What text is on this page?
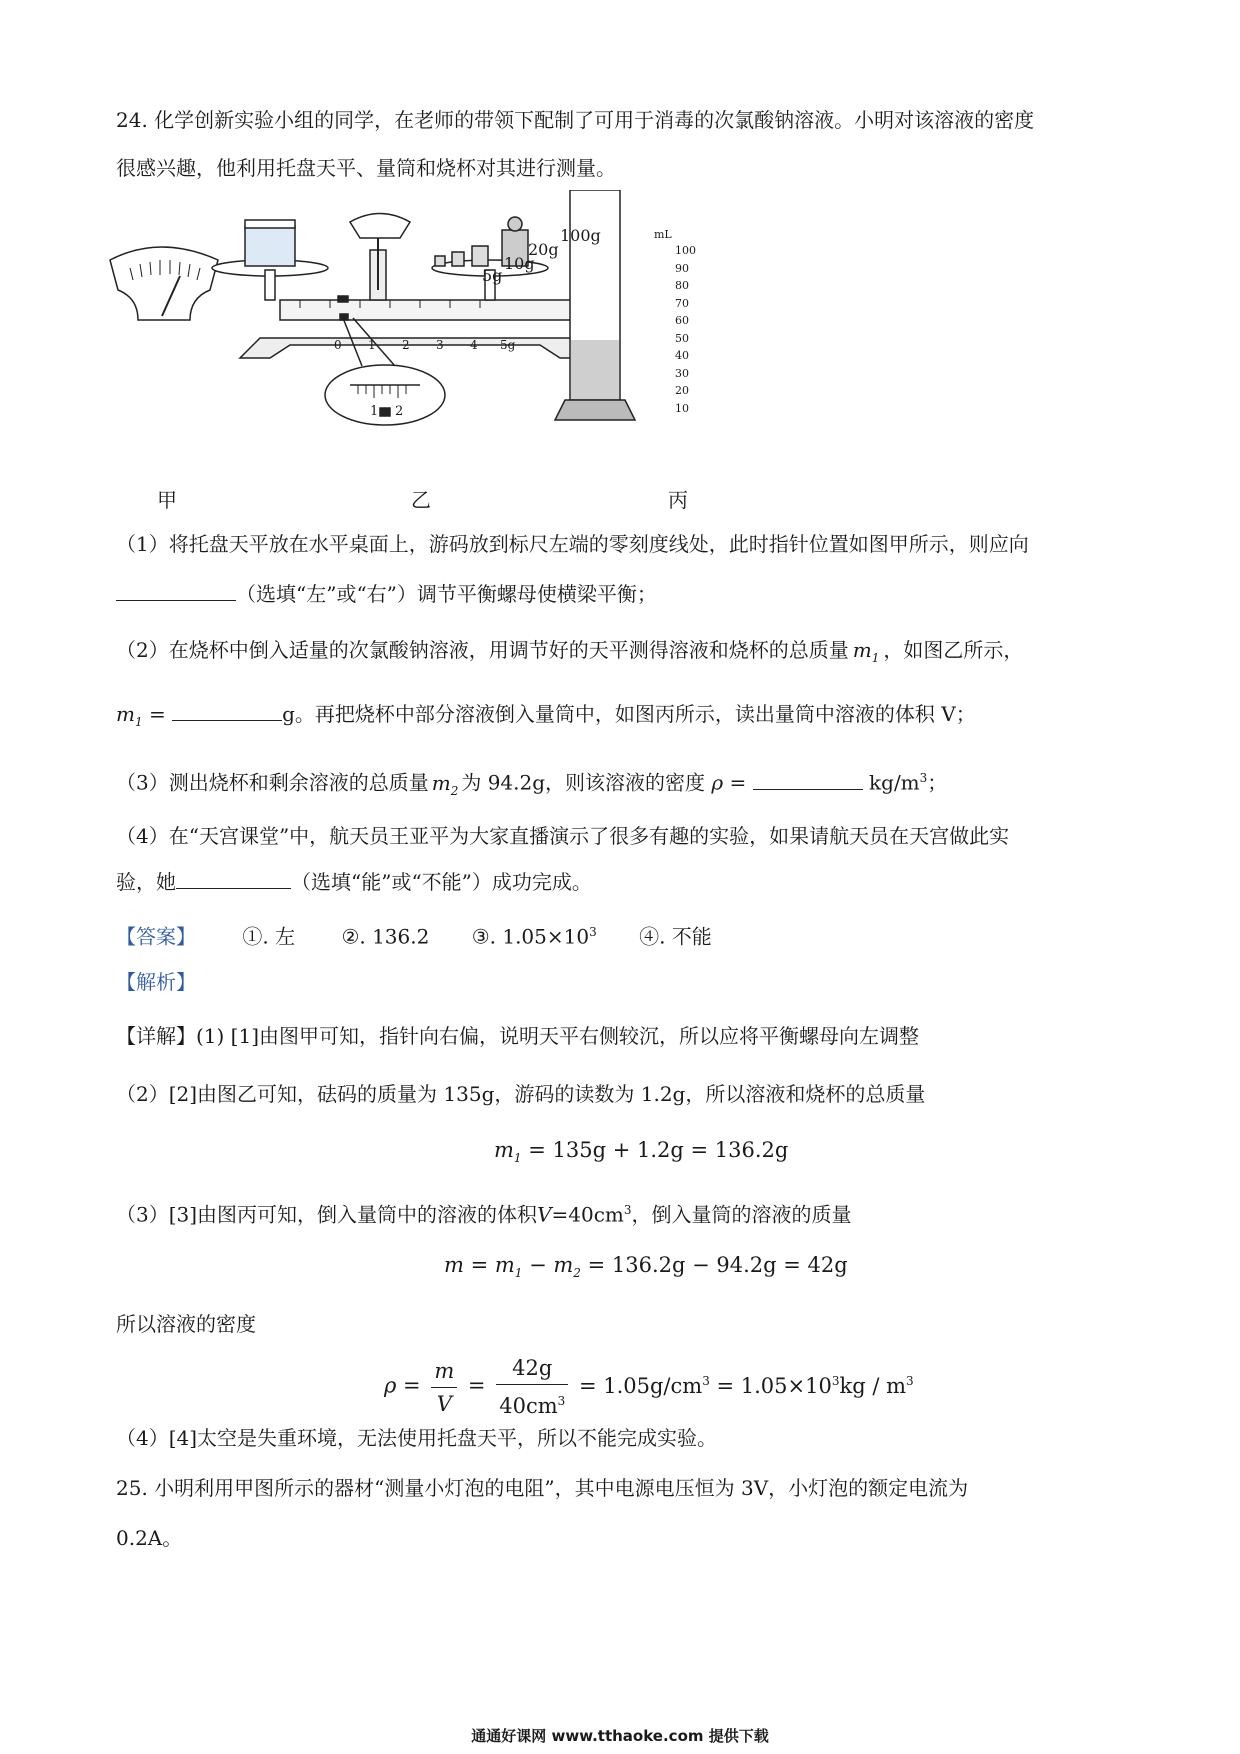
24. 化学创新实验小组的同学，在老师的带领下配制了可用于消毒的次氯酸钠溶液。小明对该溶液的密度
很感兴趣，他利用托盘天平、量筒和烧杯对其进行测量。
甲	乙	丙
5g
10g
20g
100g
0 1 2 3 4 5g
1 2
mL
100
90
80
70
60
50
40
30
20
10
（1）将托盘天平放在水平桌面上，游码放到标尺左端的零刻度线处，此时指针位置如图甲所示，则应向
（选填“左”或“右”）调节平衡螺母使横梁平衡；
（2）在烧杯中倒入适量的次氯酸钠溶液，用调节好的天平测得溶液和烧杯的总质量 $m_1$ ，如图乙所示，
$m_1$ =	g。再把烧杯中部分溶液倒入量筒中，如图丙所示，读出量筒中溶液的体积 V；
（3）测出烧杯和剩余溶液的总质量 $m_2$ 为 94.2g，则该溶液的密度 ρ =	$kg/m^3$；
（4）在“天宫课堂”中，航天员王亚平为大家直播演示了很多有趣的实验，如果请航天员在天宫做此实
验，她	（选填“能”或“不能”）成功完成。
【答案】 ①. 左 ②. 136.2 ③. $1.05\times 10^3$ ④. 不能
【解析】
【详解】(1) [1]由图甲可知，指针向右偏，说明天平右侧较沉，所以应将平衡螺母向左调整
（2）[2]由图乙可知，砝码的质量为 135g，游码的读数为 1.2g，所以溶液和烧杯的总质量
$m_1 = 135g + 1.2g = 136.2g$
（3）[3]由图丙可知，倒入量筒中的溶液的体积$V=40cm^3$，倒入量筒的溶液的质量
$m = m_1 - m_2 = 136.2g - 94.2g = 42g$
所以溶液的密度
$\rho = \frac{m}{V} = \frac{42g}{40cm^3} = 1.05g/cm^3 = 1.05\times 10^3kg / m^3$
（4）[4]太空是失重环境，无法使用托盘天平，所以不能完成实验。
25. 小明利用甲图所示的器材“测量小灯泡的电阻”，其中电源电压恒为 3V，小灯泡的额定电流为
0.2A。
通通好课网 www.tthaoke.com 提供下载
